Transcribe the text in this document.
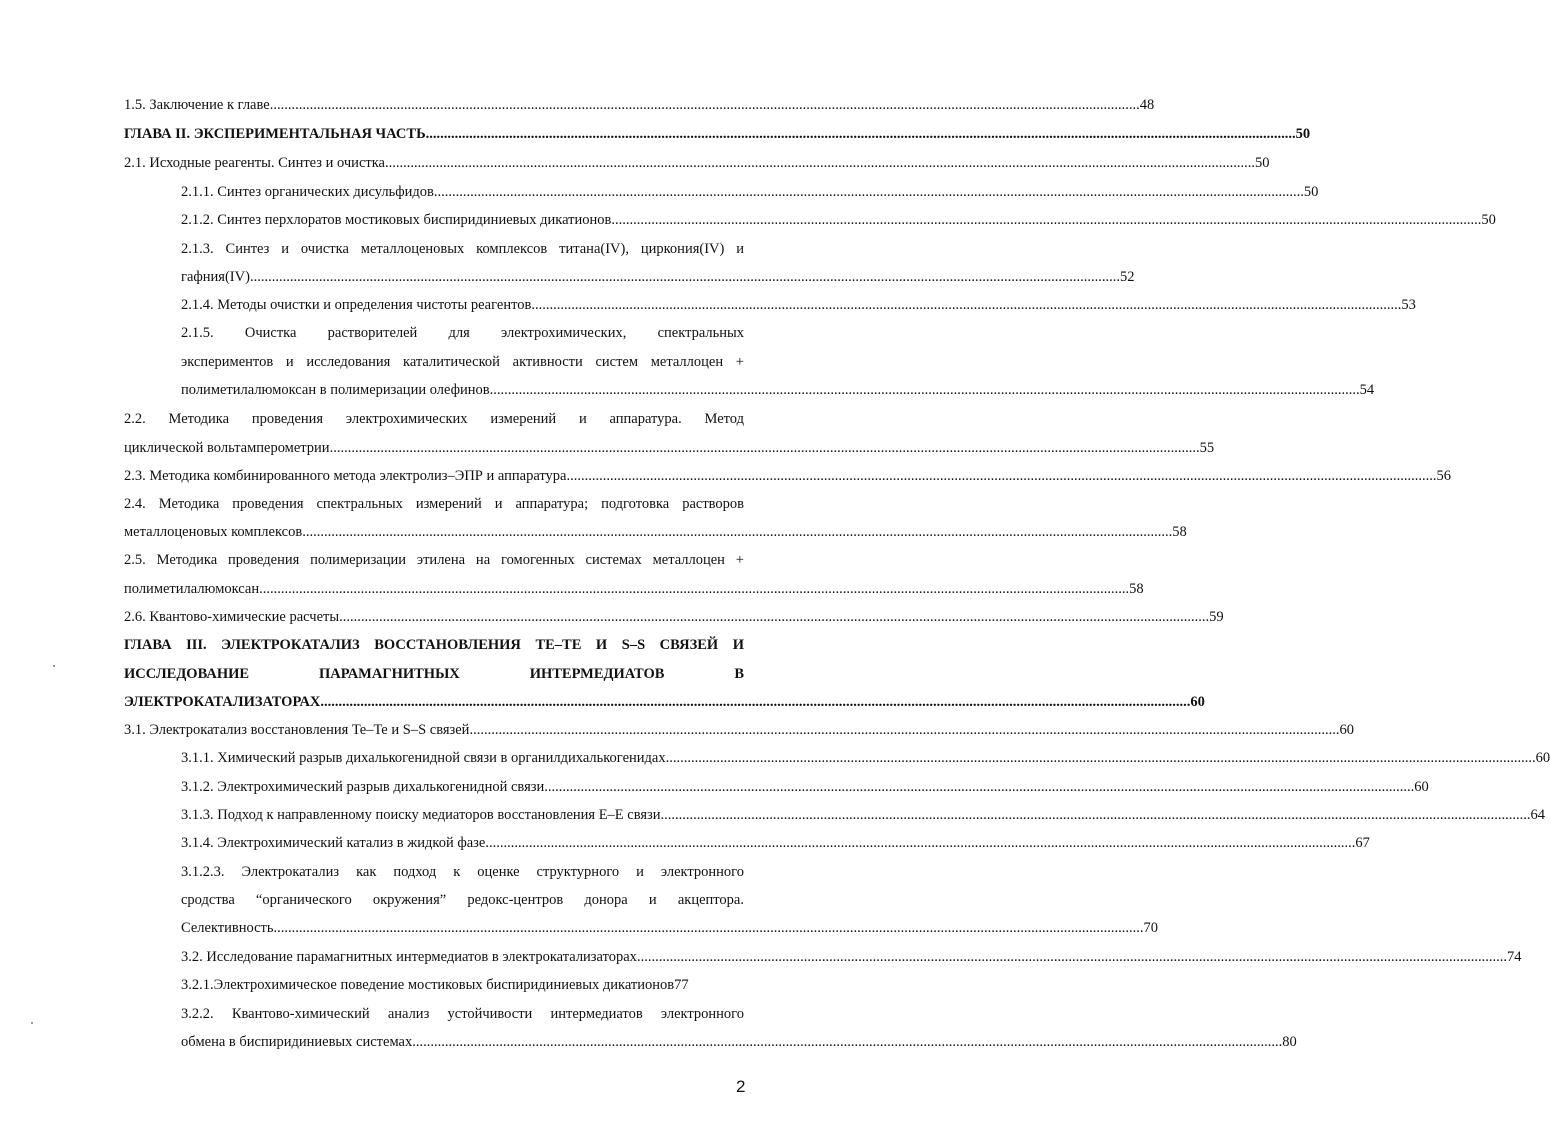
1.5. Заключение к главе .....	48
ГЛАВА II. ЭКСПЕРИМЕНТАЛЬНАЯ ЧАСТЬ .....	50
2.1. Исходные реагенты. Синтез и очистка .....	50
2.1.1. Синтез органических дисульфидов .....	50
2.1.2. Синтез перхлоратов мостиковых биспиридиниевых дикатионов .....	50
2.1.3. Синтез и очистка металлоценовых комплексов титана(IV), циркония(IV) и
гафния(IV) .....	52
2.1.4. Методы очистки и определения чистоты реагентов .....	53
2.1.5. Очистка растворителей для электрохимических, спектральных
экспериментов и исследования каталитической активности систем металлоцен +
полиметилалюмоксан в полимеризации олефинов .....	54
2.2. Методика проведения электрохимических измерений и аппаратура. Метод
циклической вольтамперометрии .....	55
2.3. Методика комбинированного метода электролиз–ЭПР и аппаратура .....	56
2.4. Методика проведения спектральных измерений и аппаратура; подготовка растворов
металлоценовых комплексов .....	58
2.5. Методика проведения полимеризации этилена на гомогенных системах металлоцен +
полиметилалюмоксан .....	58
2.6. Квантово-химические расчеты .....	59
ГЛАВА III. ЭЛЕКТРОКАТАЛИЗ ВОССТАНОВЛЕНИЯ ТЕ–ТЕ И S–S СВЯЗЕЙ И
ИССЛЕДОВАНИЕ ПАРАМАГНИТНЫХ ИНТЕРМЕДИАТОВ В
ЭЛЕКТРОКАТАЛИЗАТОРАХ .....	60
3.1. Электрокатализ восстановления Te–Te и S–S связей .....	60
3.1.1. Химический разрыв дихалькогенидной связи в органилдихалькогенидах .....	60
3.1.2. Электрохимический разрыв дихалькогенидной связи .....	60
3.1.3. Подход к направленному поиску медиаторов восстановления Е–Е связи .....	64
3.1.4. Электрохимический катализ в жидкой фазе .....	67
3.1.2.3. Электрокатализ как подход к оценке структурного и электронного
сродства “органического окружения” редокс-центров донора и акцептора.
Селективность .....	70
3.2. Исследование парамагнитных интермедиатов в электрокатализаторах .....	74
3.2.1.Электрохимическое поведение мостиковых биспиридиниевых дикатионов 77
3.2.2. Квантово-химический анализ устойчивости интермедиатов электронного
обмена в биспиридиниевых системах .....	80
2
